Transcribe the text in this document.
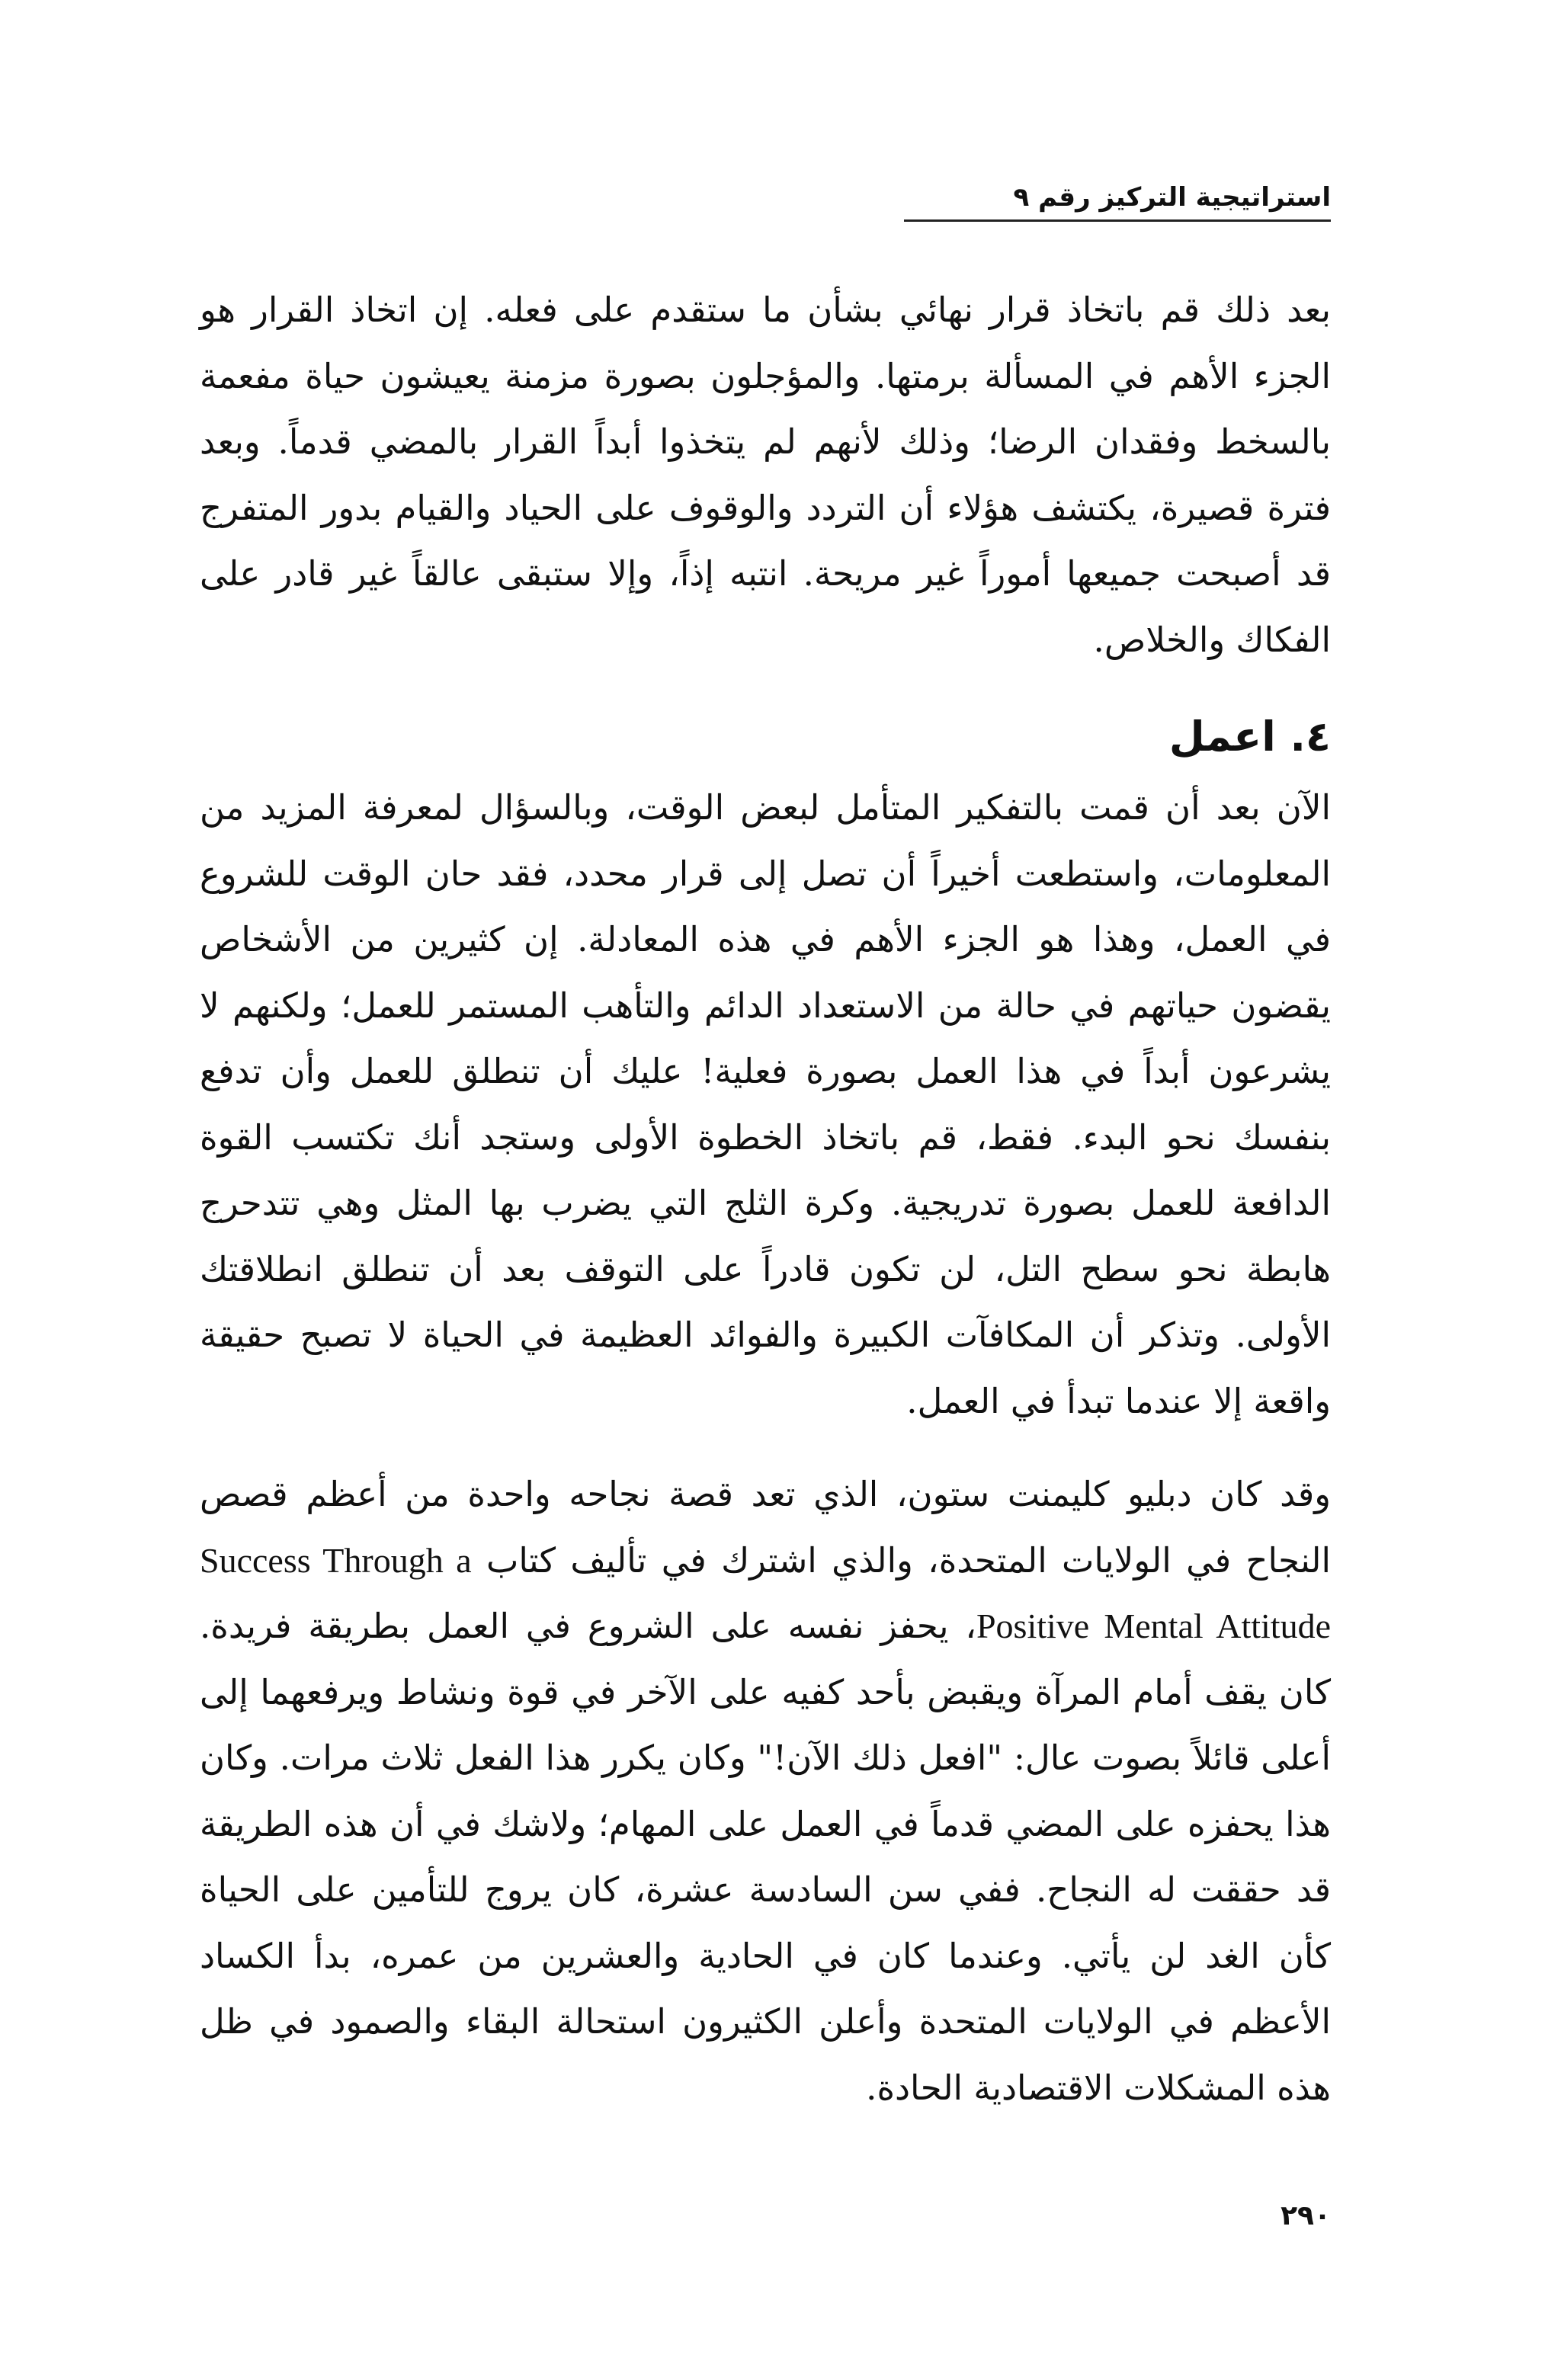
استراتيجية التركيز رقم ٩

بعد ذلك قم باتخاذ قرار نهائي بشأن ما ستقدم على فعله. إن اتخاذ القرار هو الجزء الأهم في المسألة برمتها. والمؤجلون بصورة مزمنة يعيشون حياة مفعمة بالسخط وفقدان الرضا؛ وذلك لأنهم لم يتخذوا أبداً القرار بالمضي قدماً. وبعد فترة قصيرة، يكتشف هؤلاء أن التردد والوقوف على الحياد والقيام بدور المتفرج قد أصبحت جميعها أموراً غير مريحة. انتبه إذاً، وإلا ستبقى عالقاً غير قادر على الفكاك والخلاص.

٤. اعمل

الآن بعد أن قمت بالتفكير المتأمل لبعض الوقت، وبالسؤال لمعرفة المزيد من المعلومات، واستطعت أخيراً أن تصل إلى قرار محدد، فقد حان الوقت للشروع في العمل، وهذا هو الجزء الأهم في هذه المعادلة. إن كثيرين من الأشخاص يقضون حياتهم في حالة من الاستعداد الدائم والتأهب المستمر للعمل؛ ولكنهم لا يشرعون أبداً في هذا العمل بصورة فعلية! عليك أن تنطلق للعمل وأن تدفع بنفسك نحو البدء. فقط، قم باتخاذ الخطوة الأولى وستجد أنك تكتسب القوة الدافعة للعمل بصورة تدريجية. وكرة الثلج التي يضرب بها المثل وهي تتدحرج هابطة نحو سطح التل، لن تكون قادراً على التوقف بعد أن تنطلق انطلاقتك الأولى. وتذكر أن المكافآت الكبيرة والفوائد العظيمة في الحياة لا تصبح حقيقة واقعة إلا عندما تبدأ في العمل.

وقد كان دبليو كليمنت ستون، الذي تعد قصة نجاحه واحدة من أعظم قصص النجاح في الولايات المتحدة، والذي اشترك في تأليف كتاب Success Through a Positive Mental Attitude، يحفز نفسه على الشروع في العمل بطريقة فريدة. كان يقف أمام المرآة ويقبض بأحد كفيه على الآخر في قوة ونشاط ويرفعهما إلى أعلى قائلاً بصوت عال: "افعل ذلك الآن!" وكان يكرر هذا الفعل ثلاث مرات. وكان هذا يحفزه على المضي قدماً في العمل على المهام؛ ولاشك في أن هذه الطريقة قد حققت له النجاح. ففي سن السادسة عشرة، كان يروج للتأمين على الحياة كأن الغد لن يأتي. وعندما كان في الحادية والعشرين من عمره، بدأ الكساد الأعظم في الولايات المتحدة وأعلن الكثيرون استحالة البقاء والصمود في ظل هذه المشكلات الاقتصادية الحادة.

٢٩٠
